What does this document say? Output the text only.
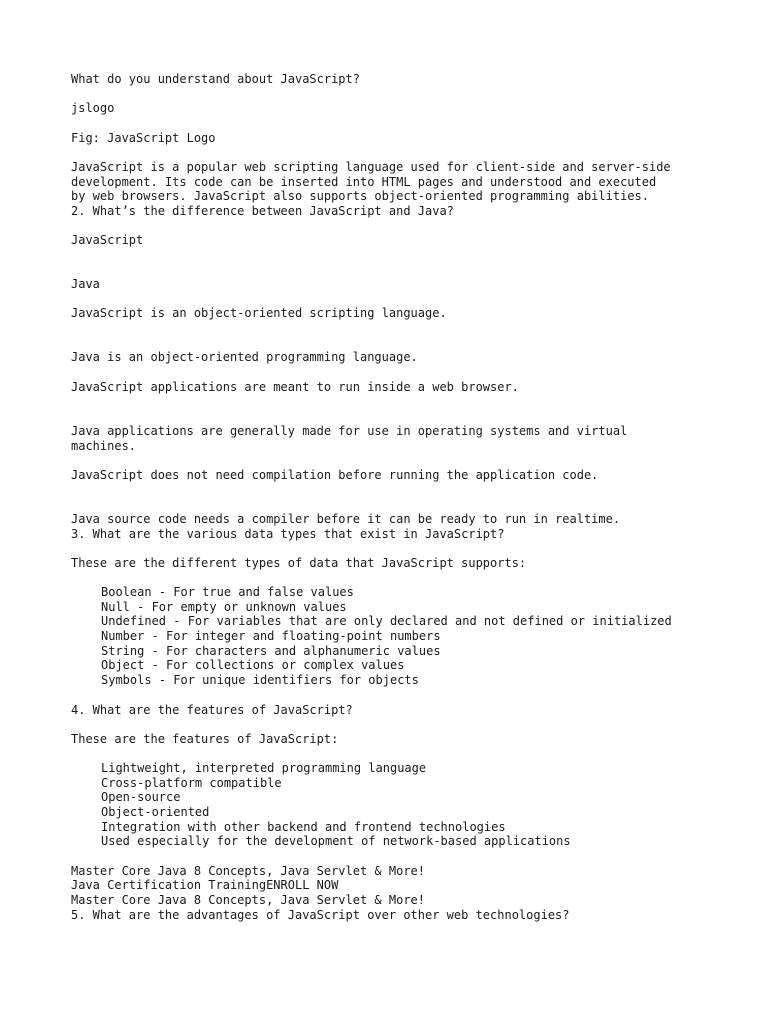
What do you understand about JavaScript?

jslogo

Fig: JavaScript Logo

JavaScript is a popular web scripting language used for client-side and server-side

development. Its code can be inserted into HTML pages and understood and executed

by web browsers. JavaScript also supports object-oriented programming abilities.

2. What’s the difference between JavaScript and Java?

JavaScript

Java

JavaScript is an object-oriented scripting language.

Java is an object-oriented programming language.

JavaScript applications are meant to run inside a web browser.

Java applications are generally made for use in operating systems and virtual

machines.

JavaScript does not need compilation before running the application code.

Java source code needs a compiler before it can be ready to run in realtime.

3. What are the various data types that exist in JavaScript?

These are the different types of data that JavaScript supports:

Boolean - For true and false values

Null - For empty or unknown values

Undefined - For variables that are only declared and not defined or initialized

Number - For integer and floating-point numbers

String - For characters and alphanumeric values

Object - For collections or complex values

Symbols - For unique identifiers for objects

4. What are the features of JavaScript?

These are the features of JavaScript:

Lightweight, interpreted programming language

Cross-platform compatible

Open-source

Object-oriented

Integration with other backend and frontend technologies

Used especially for the development of network-based applications

Master Core Java 8 Concepts, Java Servlet & More!

Java Certification TrainingENROLL NOW

Master Core Java 8 Concepts, Java Servlet & More!

5. What are the advantages of JavaScript over other web technologies?
